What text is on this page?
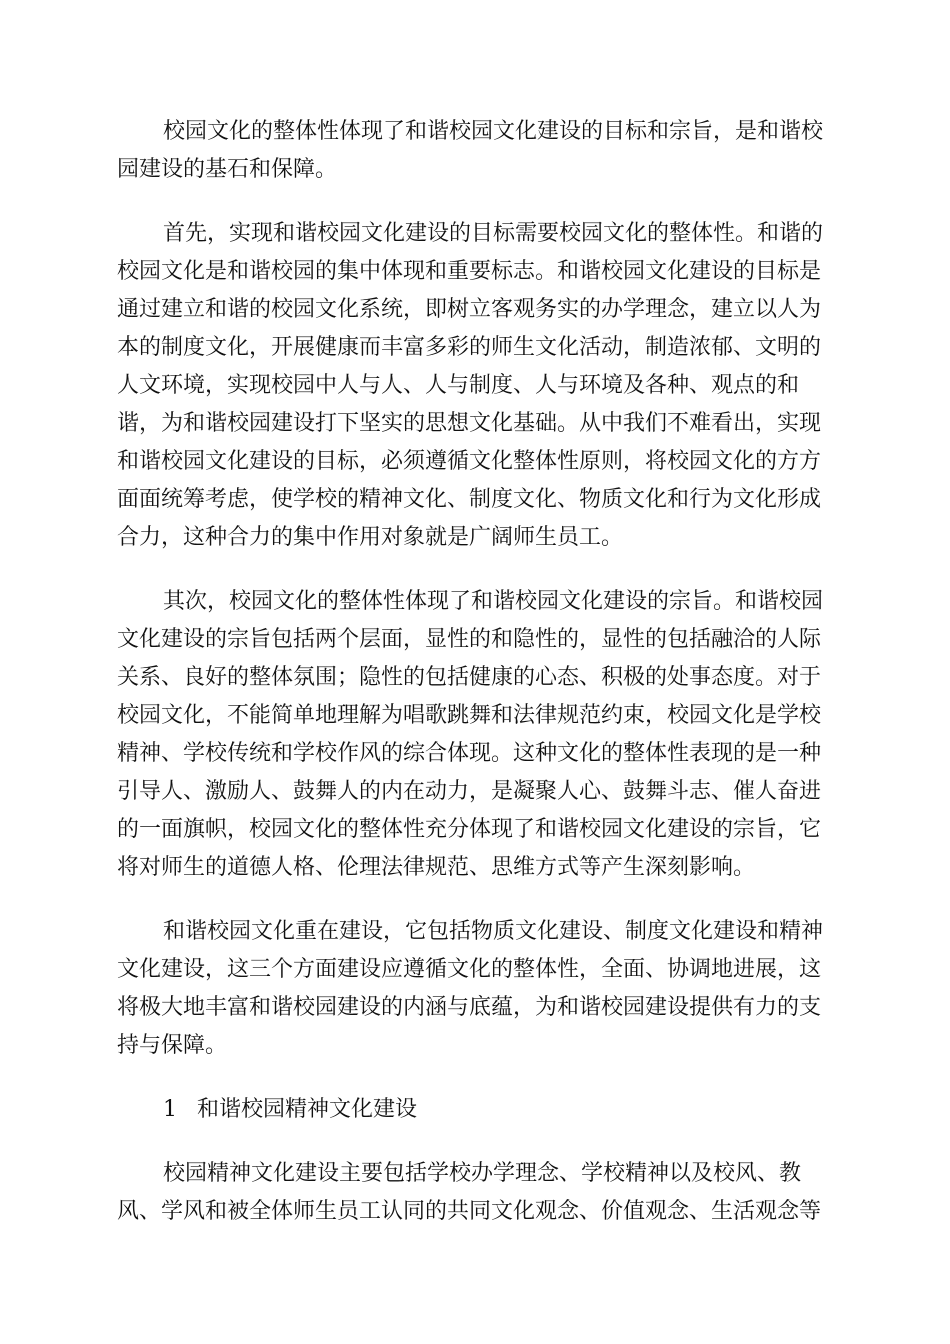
校园文化的整体性体现了和谐校园文化建设的目标和宗旨，是和谐校
园建设的基石和保障。
首先，实现和谐校园文化建设的目标需要校园文化的整体性。和谐的
校园文化是和谐校园的集中体现和重要标志。和谐校园文化建设的目标是
通过建立和谐的校园文化系统，即树立客观务实的办学理念，建立以人为
本的制度文化，开展健康而丰富多彩的师生文化活动，制造浓郁、文明的
人文环境，实现校园中人与人、人与制度、人与环境及各种、观点的和
谐，为和谐校园建设打下坚实的思想文化基础。从中我们不难看出，实现
和谐校园文化建设的目标，必须遵循文化整体性原则，将校园文化的方方
面面统筹考虑，使学校的精神文化、制度文化、物质文化和行为文化形成
合力，这种合力的集中作用对象就是广阔师生员工。
其次，校园文化的整体性体现了和谐校园文化建设的宗旨。和谐校园
文化建设的宗旨包括两个层面，显性的和隐性的，显性的包括融洽的人际
关系、良好的整体氛围；隐性的包括健康的心态、积极的处事态度。对于
校园文化，不能简单地理解为唱歌跳舞和法律规范约束，校园文化是学校
精神、学校传统和学校作风的综合体现。这种文化的整体性表现的是一种
引导人、激励人、鼓舞人的内在动力，是凝聚人心、鼓舞斗志、催人奋进
的一面旗帜，校园文化的整体性充分体现了和谐校园文化建设的宗旨，它
将对师生的道德人格、伦理法律规范、思维方式等产生深刻影响。
和谐校园文化重在建设，它包括物质文化建设、制度文化建设和精神
文化建设，这三个方面建设应遵循文化的整体性，全面、协调地进展，这
将极大地丰富和谐校园建设的内涵与底蕴，为和谐校园建设提供有力的支
持与保障。
1 和谐校园精神文化建设
校园精神文化建设主要包括学校办学理念、学校精神以及校风、教
风、学风和被全体师生员工认同的共同文化观念、价值观念、生活观念等
